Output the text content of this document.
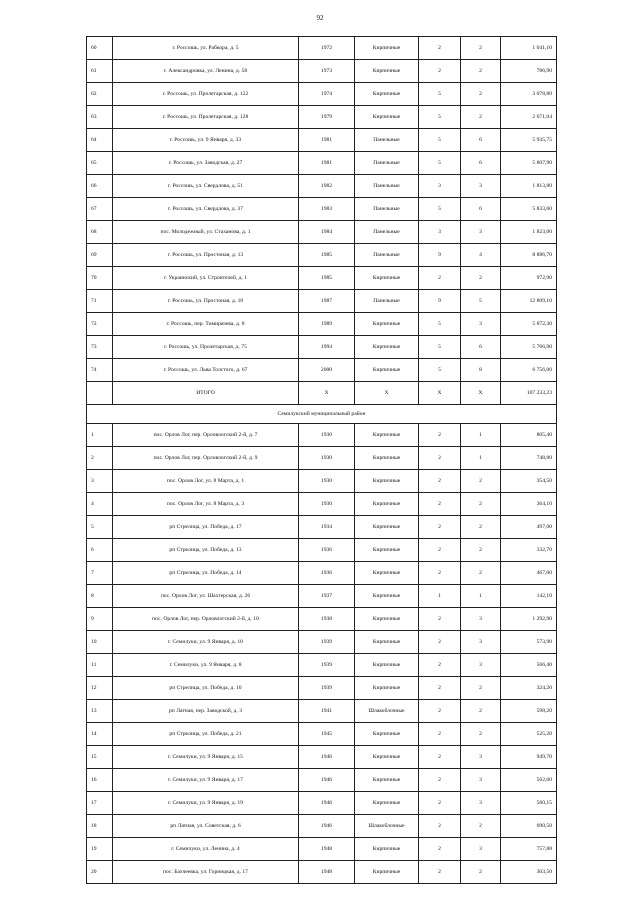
92
60	г. Россошь, ул. Рабкора, д. 5	1972	Кирпичные	2	2	1 041,10
61	г. Александровка, ул. Ленина, д. 58	1973	Кирпичные	2	2	786,90
62	г. Россошь, ул. Пролетарская, д. 122	1974	Кирпичные	5	2	3 078,80
63	г. Россошь, ул. Пролетарская, д. 128	1979	Кирпичные	5	2	2 671,04
64	г. Россошь, ул. 9 Января, д. 33	1981	Панельные	5	6	5 935,75
65	г. Россошь, ул. Заводская, д. 27	1981	Панельные	5	6	5 807,90
66	г. Россошь, ул. Свердлова, д. 51	1982	Панельные	3	3	1 813,80
67	г. Россошь, ул. Свердлова, д. 37	1983	Панельные	5	6	5 833,60
68	пос. Молодежный, ул. Стаханова, д. 1	1984	Панельные	3	3	1 823,00
69	г. Россошь, ул. Простоная, д. 13	1985	Панельные	9	4	8 886,70
70	г. Украинский, ул. Строителей, д. 1	1985	Кирпичные	2	2	972,90
71	г. Россошь, ул. Простоная, д. 10	1987	Панельные	9	5	12 809,10
72	г. Россошь, пер. Тимирязева, д. 8	1989	Кирпичные	5	3	5 872,30
73	г. Россошь, ул. Пролетарская, д. 75	1994	Кирпичные	5	6	5 766,90
74	г. Россошь, ул. Льва Толстого, д. 67	2000	Кирпичные	5	8	6 756,00
	ИТОГО	Х	Х	Х	Х	107 233,23
Семилукский муниципальный район						
1	пос. Орлов Лог, пер. Орловлогский 2-й, д. 7	1930	Кирпичные	2	1	805,40
2	пос. Орлов Лог, пер. Орловлогский 2-й, д. 9	1930	Кирпичные	2	1	748,80
3	пос. Орлов Лог, ул. 8 Марта, д. 1	1930	Кирпичные	2	2	354,50
4	пос. Орлов Лог, ул. 8 Марта, д. 3	1930	Кирпичные	2	2	364,10
5	рп Стрелица, ул. Победа, д. 17	1934	Кирпичные	2	2	497,00
6	рп Стрелица, ул. Победа, д. 13	1936	Кирпичные	2	2	332,70
7	рп Стрелица, ул. Победа, д. 14	1936	Кирпичные	2	2	467,00
8	пос. Орлов Лог, ул. Шахтерская, д. 26	1937	Кирпичные	1	1	142,10
9	пос. Орлов Лог, пер. Орловлогский 2-й, д. 10	1938	Кирпичные	2	3	1 292,90
10	г. Семилуки, ул. 9 Января, д. 10	1939	Кирпичные	2	3	573,90
11	г. Семилуки, ул. 9 Января, д. 8	1939	Кирпичные	2	3	566,40
12	рп Стрелица, ул. Победа, д. 10	1939	Кирпичные	2	2	324,20
13	рп Латная, пер. Заводской, д. 3	1941	Шлакоблочные	2	2	598,20
14	рп Стрелица, ул. Победа, д. 21	1945	Кирпичные	2	2	525,20
15	г. Семилуки, ул. 9 Января, д. 15	1946	Кирпичные	2	3	949,70
16	г. Семилуки, ул. 9 Января, д. 17	1946	Кирпичные	2	3	562,60
17	г. Семилуки, ул. 9 Января, д. 19	1946	Кирпичные	2	3	560,15
18	рп Латная, ул. Советская, д. 6	1946	Шлакоблочные	2	2	690,50
19	г. Семилуки, ул. Ленина, д. 4	1948	Кирпичные	2	3	757,88
20	пос. Бахчеевка, ул. Горницкая, д. 17	1948	Кирпичные	2	2	303,50
